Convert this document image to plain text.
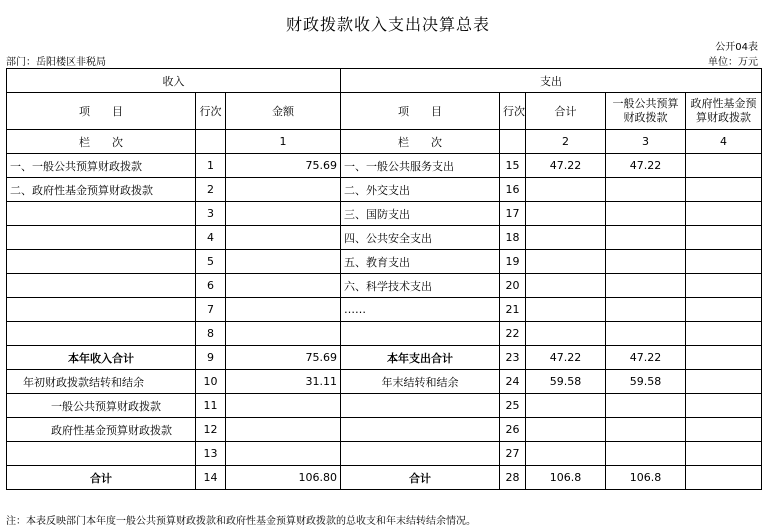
财政拨款收入支出决算总表
公开04表
部门：岳阳楼区非税局	单位：万元
收入			支出				
项　　目	行次	金额	项　　目	行次	合计	一般公共预算财政拨款	政府性基金预算财政拨款
栏　　次		1	栏　　次		2	3	4
一、一般公共预算财政拨款	1	75.69	一、一般公共服务支出	15	47.22	47.22	
二、政府性基金预算财政拨款	2		二、外交支出	16			
	3		三、国防支出	17			
	4		四、公共安全支出	18			
	5		五、教育支出	19			
	6		六、科学技术支出	20			
	7		……	21			
	8			22			
本年收入合计	9	75.69	本年支出合计	23	47.22	47.22	
年初财政拨款结转和结余	10	31.11	年末结转和结余	24	59.58	59.58	
一般公共预算财政拨款	11			25			
政府性基金预算财政拨款	12			26			
	13			27			
合计	14	106.80	合计	28	106.8	106.8	
注：本表反映部门本年度一般公共预算财政拨款和政府性基金预算财政拨款的总收支和年末结转结余情况。
